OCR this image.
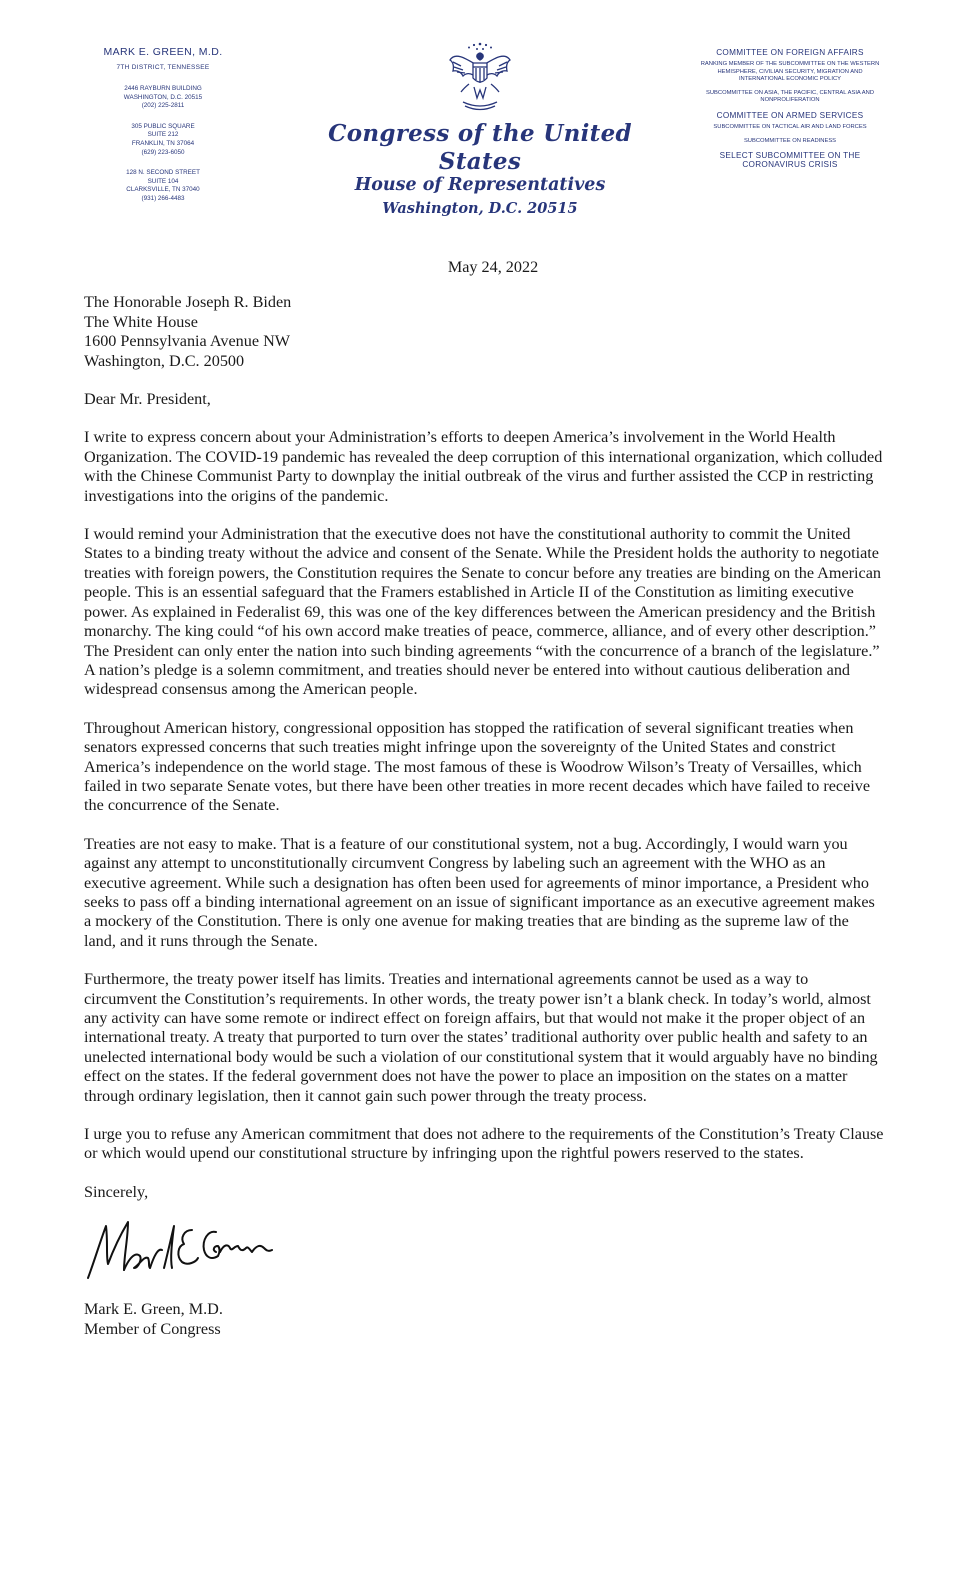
MARK E. GREEN, M.D.
7TH DISTRICT, TENNESSEE
2446 RAYBURN BUILDING
WASHINGTON, D.C. 20515
(202) 225-2811
305 PUBLIC SQUARE
SUITE 212
FRANKLIN, TN 37064
(629) 223-6050
128 N. SECOND STREET
SUITE 104
CLARKSVILLE, TN 37040
(931) 266-4483
Congress of the United States
House of Representatives
Washington, D.C. 20515
COMMITTEE ON FOREIGN AFFAIRS
RANKING MEMBER OF THE SUBCOMMITTEE ON THE WESTERN HEMISPHERE, CIVILIAN SECURITY, MIGRATION AND INTERNATIONAL ECONOMIC POLICY
SUBCOMMITTEE ON ASIA, THE PACIFIC, CENTRAL ASIA AND NONPROLIFERATION
COMMITTEE ON ARMED SERVICES
SUBCOMMITTEE ON TACTICAL AIR AND LAND FORCES
SUBCOMMITTEE ON READINESS
SELECT SUBCOMMITTEE ON THE CORONAVIRUS CRISIS
May 24, 2022
The Honorable Joseph R. Biden
The White House
1600 Pennsylvania Avenue NW
Washington, D.C. 20500
Dear Mr. President,

I write to express concern about your Administration’s efforts to deepen America’s involvement in the World Health Organization. The COVID-19 pandemic has revealed the deep corruption of this international organization, which colluded with the Chinese Communist Party to downplay the initial outbreak of the virus and further assisted the CCP in restricting investigations into the origins of the pandemic.

I would remind your Administration that the executive does not have the constitutional authority to commit the United States to a binding treaty without the advice and consent of the Senate. While the President holds the authority to negotiate treaties with foreign powers, the Constitution requires the Senate to concur before any treaties are binding on the American people. This is an essential safeguard that the Framers established in Article II of the Constitution as limiting executive power. As explained in Federalist 69, this was one of the key differences between the American presidency and the British monarchy. The king could “of his own accord make treaties of peace, commerce, alliance, and of every other description.” The President can only enter the nation into such binding agreements “with the concurrence of a branch of the legislature.” A nation’s pledge is a solemn commitment, and treaties should never be entered into without cautious deliberation and widespread consensus among the American people.

Throughout American history, congressional opposition has stopped the ratification of several significant treaties when senators expressed concerns that such treaties might infringe upon the sovereignty of the United States and constrict America’s independence on the world stage. The most famous of these is Woodrow Wilson’s Treaty of Versailles, which failed in two separate Senate votes, but there have been other treaties in more recent decades which have failed to receive the concurrence of the Senate.

Treaties are not easy to make. That is a feature of our constitutional system, not a bug. Accordingly, I would warn you against any attempt to unconstitutionally circumvent Congress by labeling such an agreement with the WHO as an executive agreement. While such a designation has often been used for agreements of minor importance, a President who seeks to pass off a binding international agreement on an issue of significant importance as an executive agreement makes a mockery of the Constitution. There is only one avenue for making treaties that are binding as the supreme law of the land, and it runs through the Senate.

Furthermore, the treaty power itself has limits. Treaties and international agreements cannot be used as a way to circumvent the Constitution’s requirements. In other words, the treaty power isn’t a blank check. In today’s world, almost any activity can have some remote or indirect effect on foreign affairs, but that would not make it the proper object of an international treaty. A treaty that purported to turn over the states’ traditional authority over public health and safety to an unelected international body would be such a violation of our constitutional system that it would arguably have no binding effect on the states. If the federal government does not have the power to place an imposition on the states on a matter through ordinary legislation, then it cannot gain such power through the treaty process.

I urge you to refuse any American commitment that does not adhere to the requirements of the Constitution’s Treaty Clause or which would upend our constitutional structure by infringing upon the rightful powers reserved to the states.

Sincerely,
Mark E. Green, M.D.
Member of Congress
